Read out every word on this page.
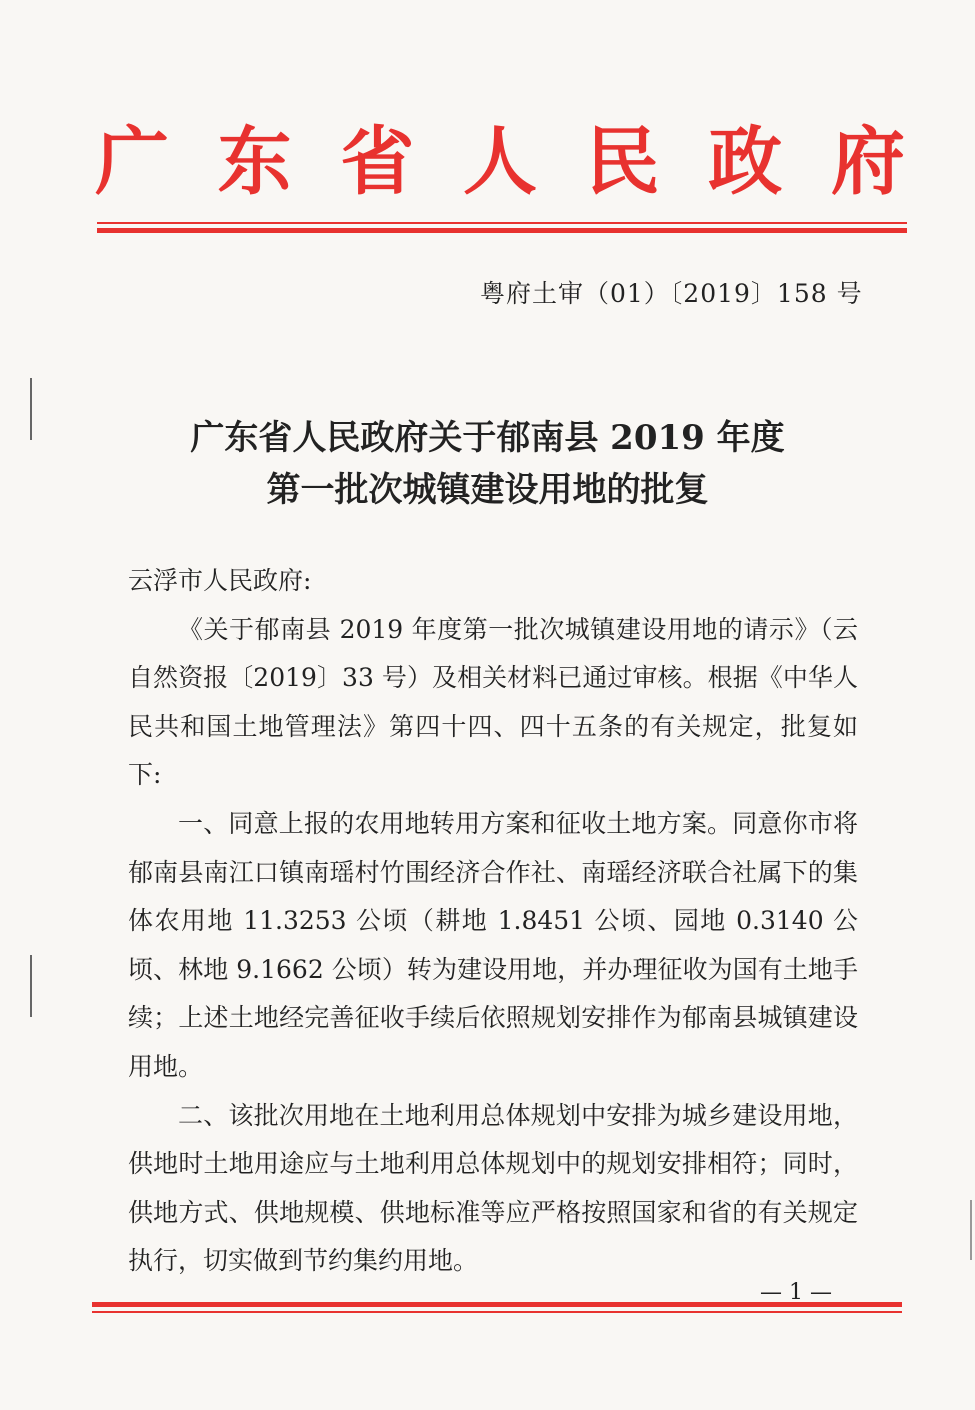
广 东 省 人 民 政 府
粤府土审（01）〔2019〕158 号
广东省人民政府关于郁南县 2019 年度
第一批次城镇建设用地的批复

云浮市人民政府:

《关于郁南县 2019 年度第一批次城镇建设用地的请示》（云自然资报〔2019〕33 号）及相关材料已通过审核。根据《中华人民共和国土地管理法》第四十四、四十五条的有关规定，批复如下:

一、同意上报的农用地转用方案和征收土地方案。同意你市将郁南县南江口镇南瑶村竹围经济合作社、南瑶经济联合社属下的集体农用地 11.3253 公顷（耕地 1.8451 公顷、园地 0.3140 公顷、林地 9.1662 公顷）转为建设用地，并办理征收为国有土地手续；上述土地经完善征收手续后依照规划安排作为郁南县城镇建设用地。

二、该批次用地在土地利用总体规划中安排为城乡建设用地，供地时土地用途应与土地利用总体规划中的规划安排相符；同时，供地方式、供地规模、供地标准等应严格按照国家和省的有关规定执行，切实做到节约集约用地。

— 1 —
